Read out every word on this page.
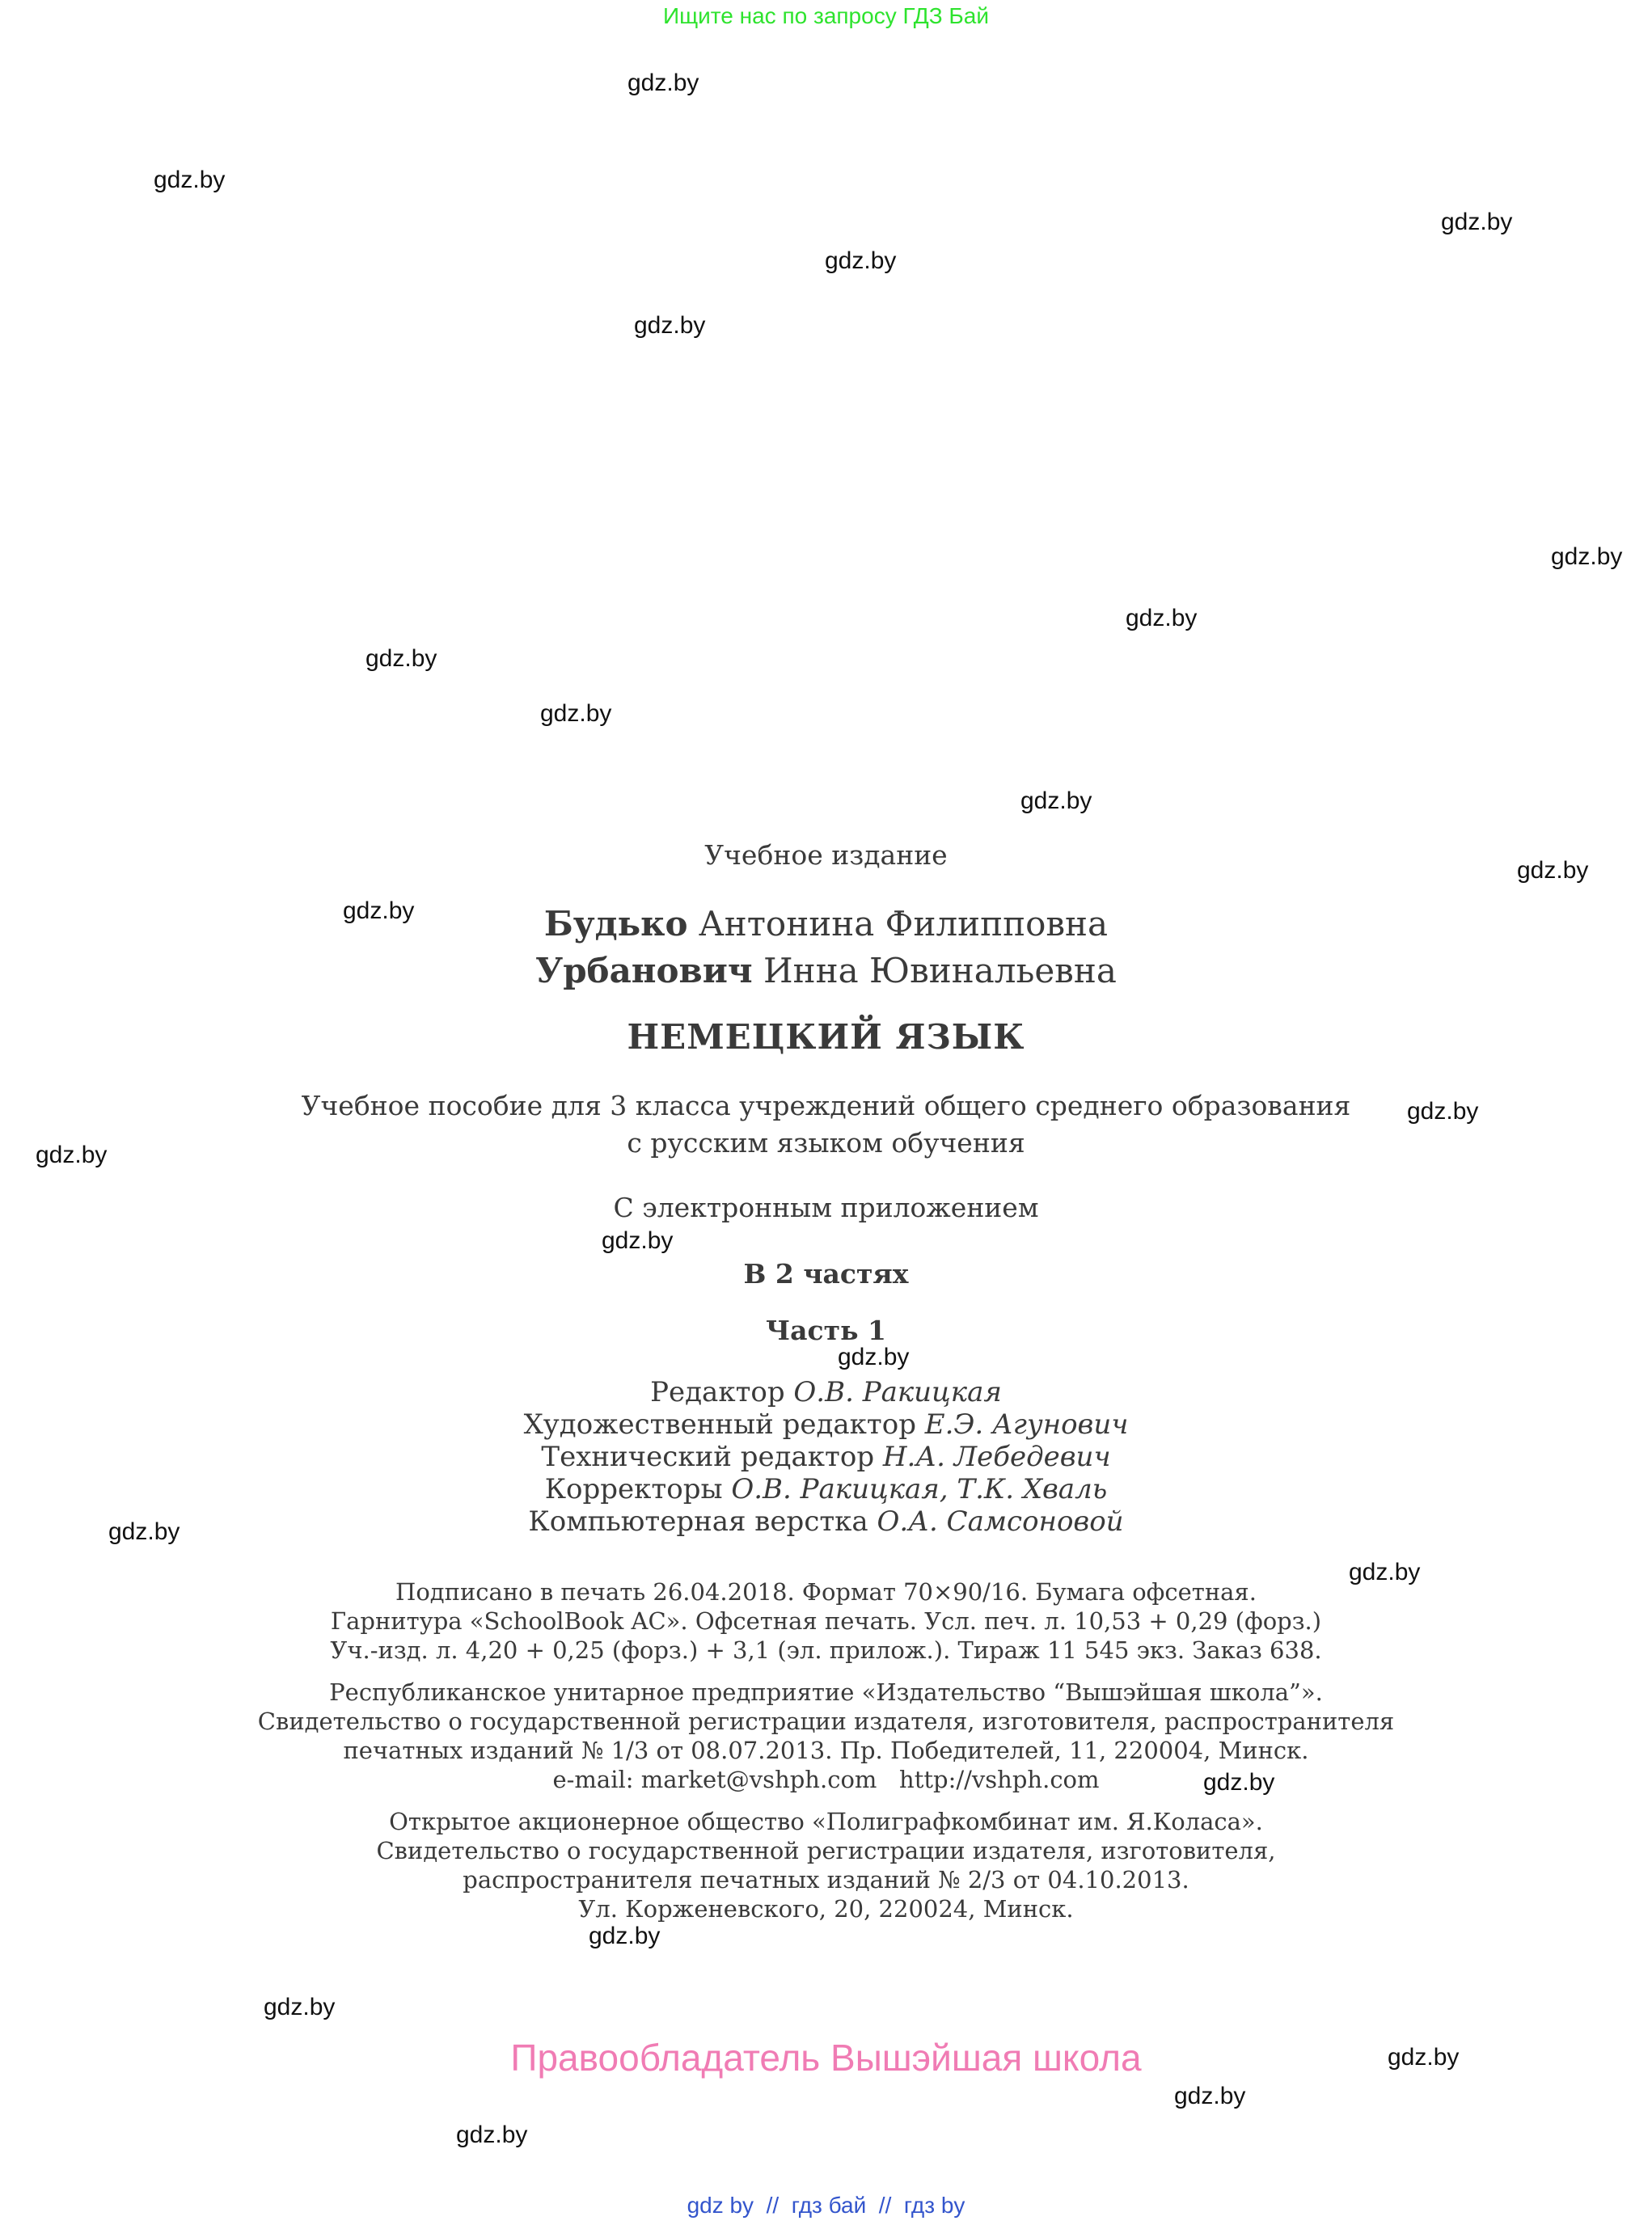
Ищите нас по запросу ГДЗ Бай
gdz.by
gdz.by
gdz.by
gdz.by
gdz.by
gdz.by
gdz.by
gdz.by
gdz.by
gdz.by
gdz.by
gdz.by
gdz.by
gdz.by
gdz.by
gdz.by
gdz.by
gdz.by
gdz.by
gdz.by
gdz.by
gdz.by
gdz.by
gdz.by
Учебное издание
Будько Антонина Филипповна
Урбанович Инна Ювинальевна
НЕМЕЦКИЙ ЯЗЫК
Учебное пособие для 3 класса учреждений общего среднего образования
с русским языком обучения
С электронным приложением
В 2 частях
Часть 1
Редактор О.В. Ракицкая
Художественный редактор Е.Э. Агунович
Технический редактор Н.А. Лебедевич
Корректоры О.В. Ракицкая, Т.К. Хваль
Компьютерная верстка О.А. Самсоновой
Подписано в печать 26.04.2018. Формат 70×90/16. Бумага офсетная.
Гарнитура «SchoolBook AC». Офсетная печать. Усл. печ. л. 10,53 + 0,29 (форз.)
Уч.-изд. л. 4,20 + 0,25 (форз.) + 3,1 (эл. прилож.). Тираж 11 545 экз. Заказ 638.
Республиканское унитарное предприятие «Издательство “Вышэйшая школа”».
Свидетельство о государственной регистрации издателя, изготовителя, распространителя
печатных изданий № 1/3 от 08.07.2013. Пр. Победителей, 11, 220004, Минск.
e-mail: market@vshph.com   http://vshph.com
Открытое акционерное общество «Полиграфкомбинат им. Я.Коласа».
Свидетельство о государственной регистрации издателя, изготовителя,
распространителя печатных изданий № 2/3 от 04.10.2013.
Ул. Корженевского, 20, 220024, Минск.
Правообладатель Вышэйшая школа
gdz by  //  гдз бай  //  гдз by
